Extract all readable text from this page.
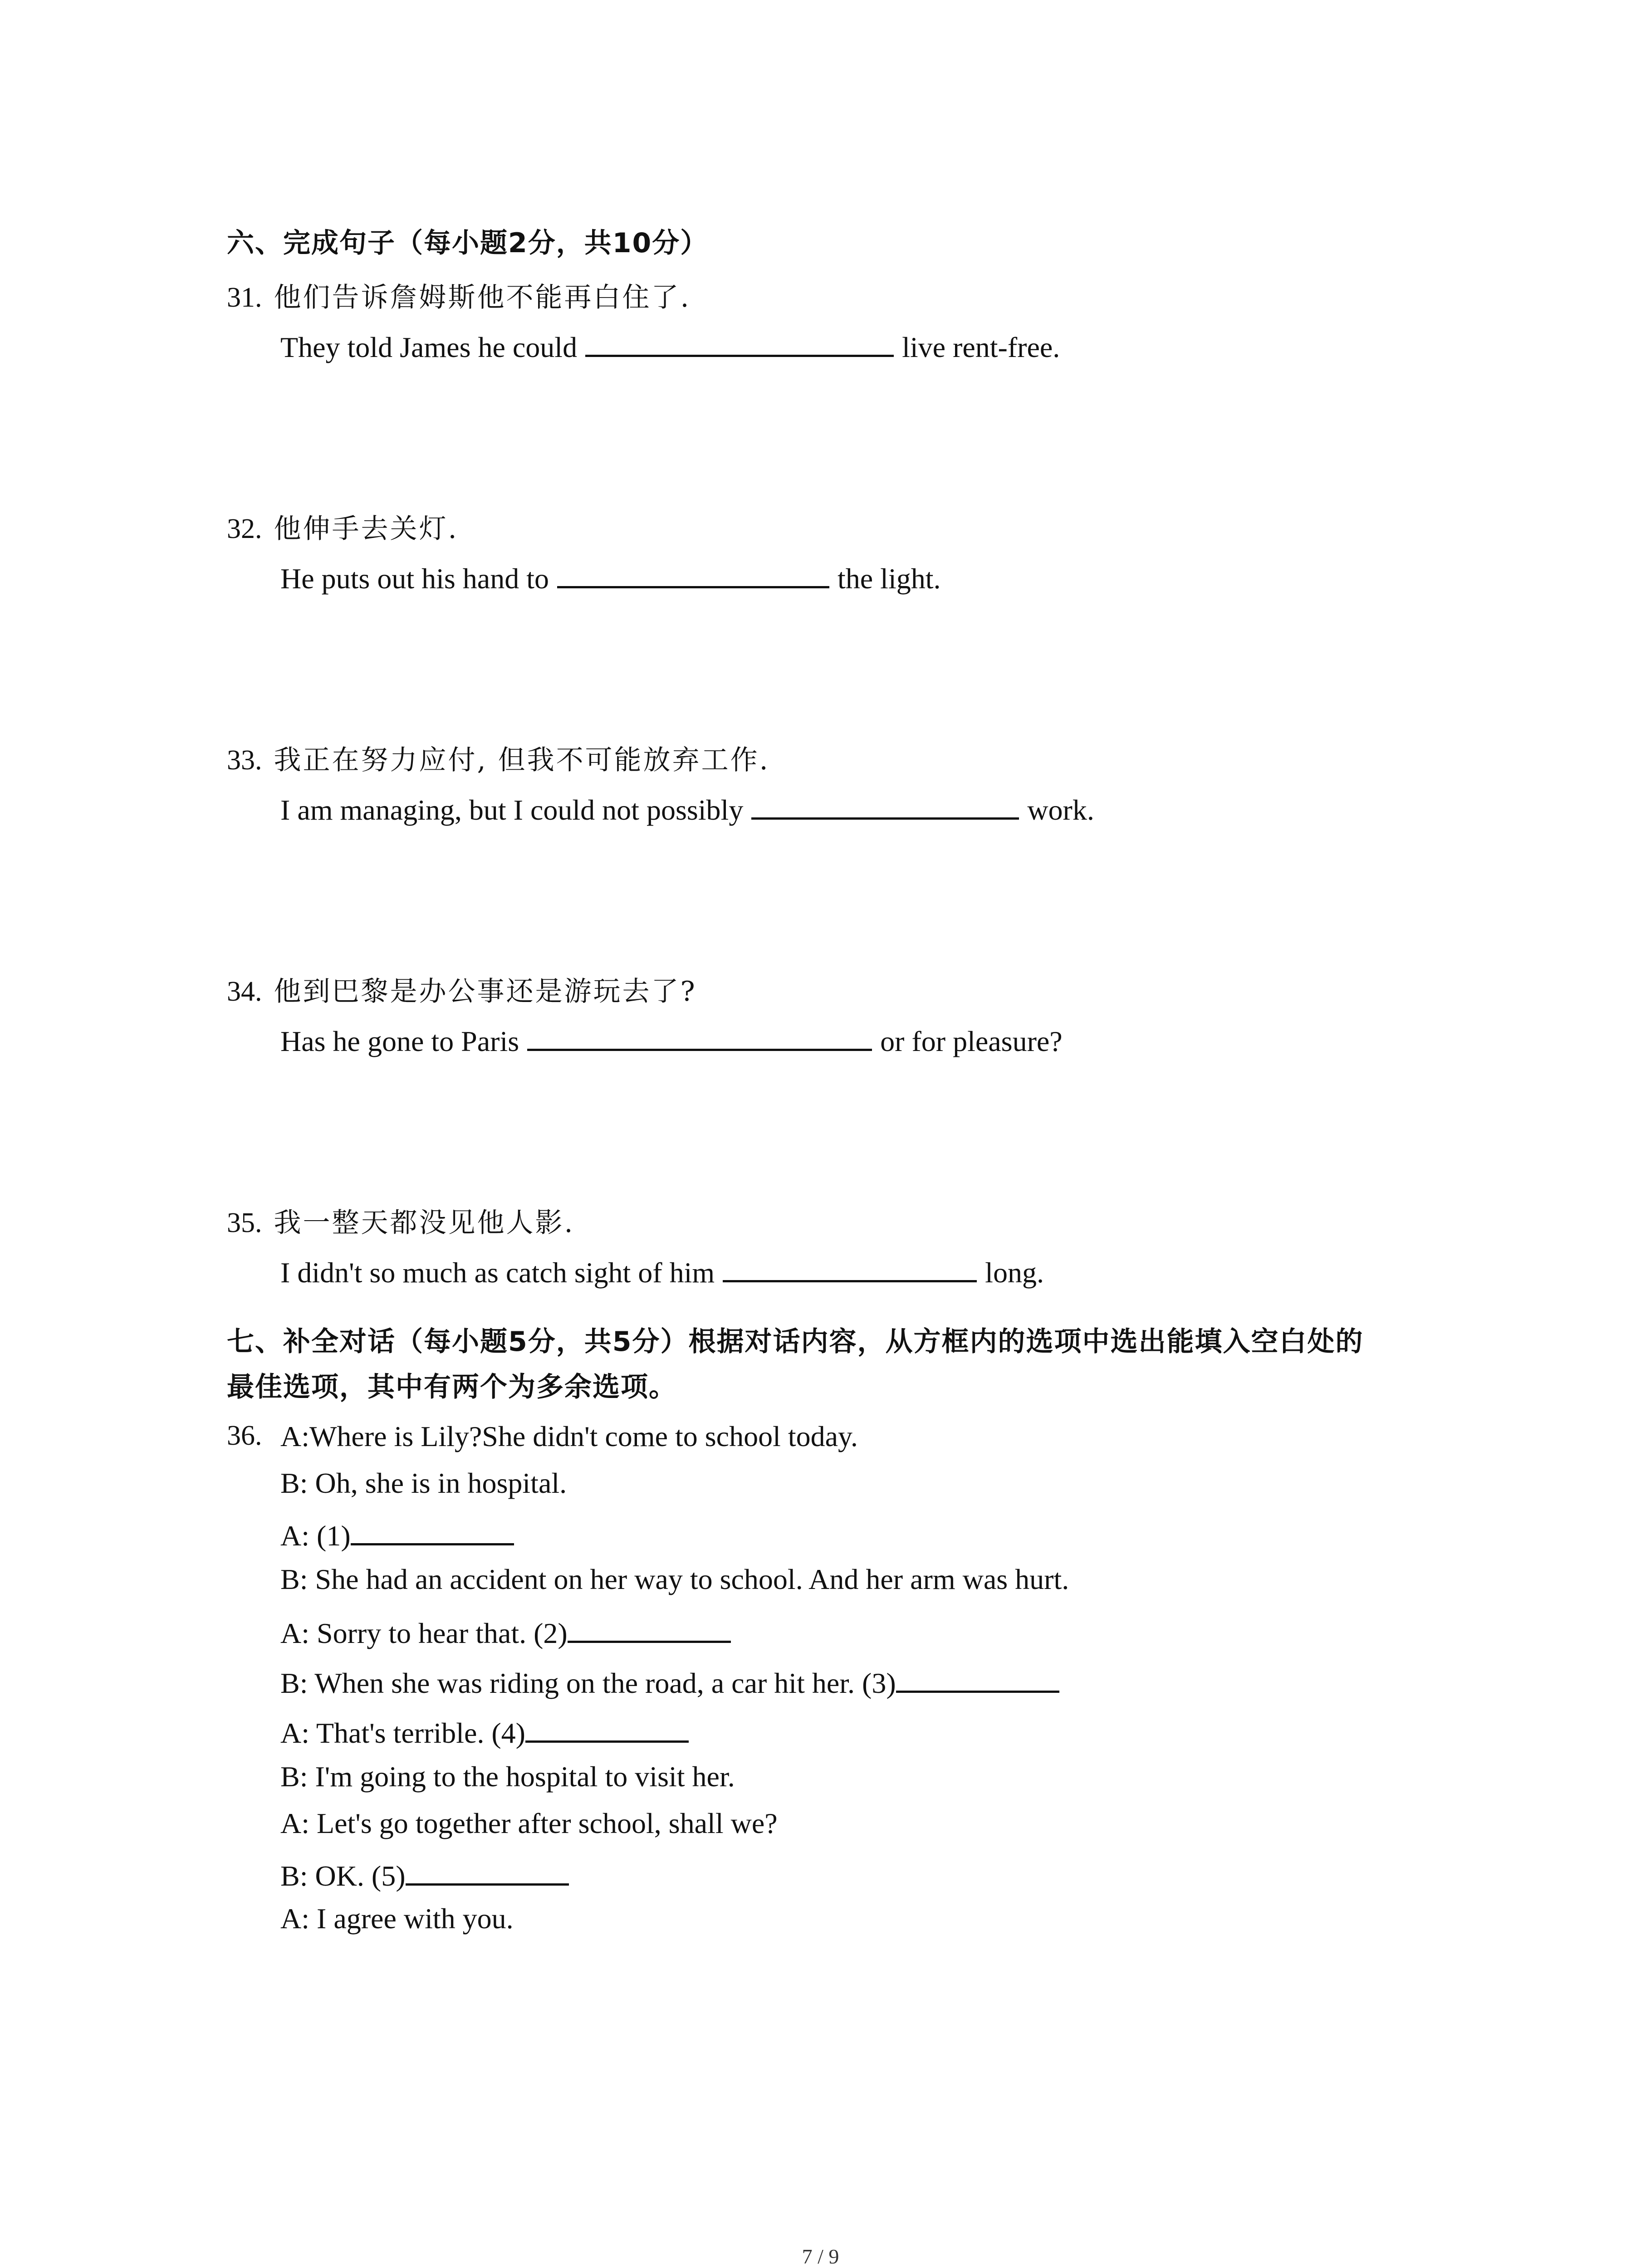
六、完成句子（每小题2分，共10分）
31. 他们告诉詹姆斯他不能再白住了.
They told James he could	live rent-free.
32. 他伸手去关灯.
He puts out his hand to	the light.
33. 我正在努力应付, 但我不可能放弃工作.
I am managing, but I could not possibly	work.
34. 他到巴黎是办公事还是游玩去了?
Has he gone to Paris	or for pleasure?
35. 我一整天都没见他人影.
I didn't so much as catch sight of him	long.
七、补全对话（每小题5分，共5分）根据对话内容，从方框内的选项中选出能填入空白处的
最佳选项，其中有两个为多余选项。
36. A:Where is Lily?She didn't come to school today.
B: Oh, she is in hospital.
A: (1)
B: She had an accident on her way to school. And her arm was hurt.
A: Sorry to hear that. (2)
B: When she was riding on the road, a car hit her. (3)
A: That's terrible. (4)
B: I'm going to the hospital to visit her.
A: Let's go together after school, shall we?
B: OK. (5)
A: I agree with you.
7 / 9
